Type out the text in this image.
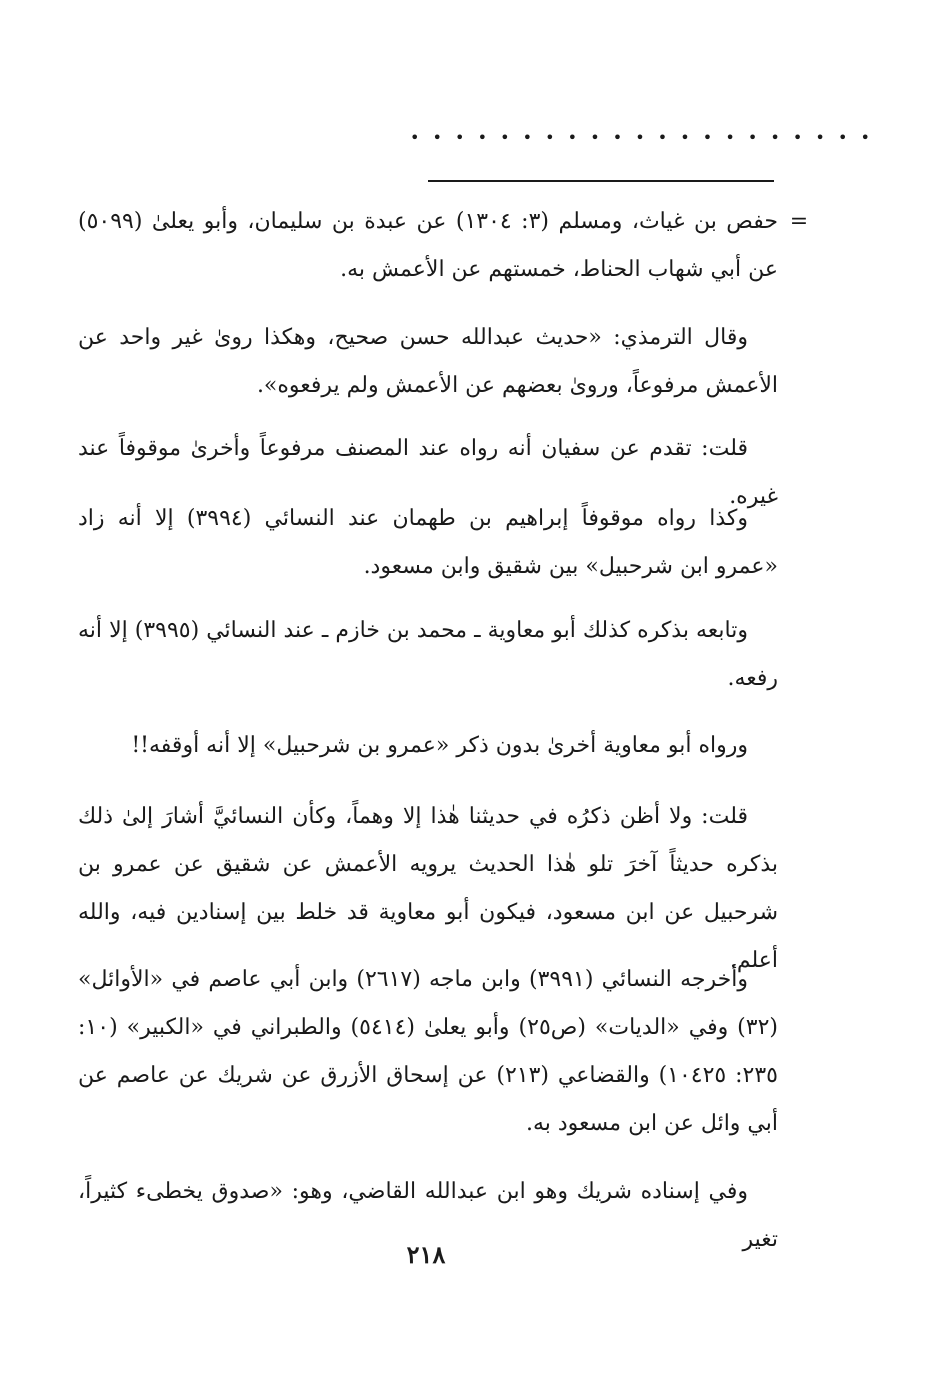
• • • • • • • • • • • • • • • • • • • • •
=

حفص بن غياث، ومسلم (٣: ١٣٠٤) عن عبدة بن سليمان، وأبو يعلىٰ (٥٠٩٩) عن أبي شهاب الحناط، خمستهم عن الأعمش به.

وقال الترمذي: «حديث عبدالله حسن صحيح، وهكذا رویٰ غير واحد عن الأعمش مرفوعاً، ورویٰ بعضهم عن الأعمش ولم يرفعوه».

قلت: تقدم عن سفيان أنه رواه عند المصنف مرفوعاً وأخرىٰ موقوفاً عند غيره.

وكذا رواه موقوفاً إبراهيم بن طهمان عند النسائي (٣٩٩٤) إلا أنه زاد «عمرو ابن شرحبيل» بين شقيق وابن مسعود.

وتابعه بذكره كذلك أبو معاوية ـ محمد بن خازم ـ عند النسائي (٣٩٩٥) إلا أنه رفعه.

ورواه أبو معاوية أخرىٰ بدون ذكر «عمرو بن شرحبيل» إلا أنه أوقفه!!

قلت: ولا أظن ذكرُه في حديثنا هٰذا إلا وهماً، وكأن النسائيَّ أشارَ إلىٰ ذلك بذكره حديثاً آخرَ تلو هٰذا الحديث يرويه الأعمش عن شقيق عن عمرو بن شرحبيل عن ابن مسعود، فيكون أبو معاوية قد خلط بين إسنادين فيه، والله أعلم.

وأخرجه النسائي (٣٩٩١) وابن ماجه (٢٦١٧) وابن أبي عاصم في «الأوائل» (٣٢) وفي «الديات» (ص٢٥) وأبو يعلىٰ (٥٤١٤) والطبراني في «الكبير» (١٠: ٢٣٥: ١٠٤٢٥) والقضاعي (٢١٣) عن إسحاق الأزرق عن شريك عن عاصم عن أبي وائل عن ابن مسعود به.

وفي إسناده شريك وهو ابن عبدالله القاضي، وهو: «صدوق يخطىء كثيراً، تغير

٢١٨
